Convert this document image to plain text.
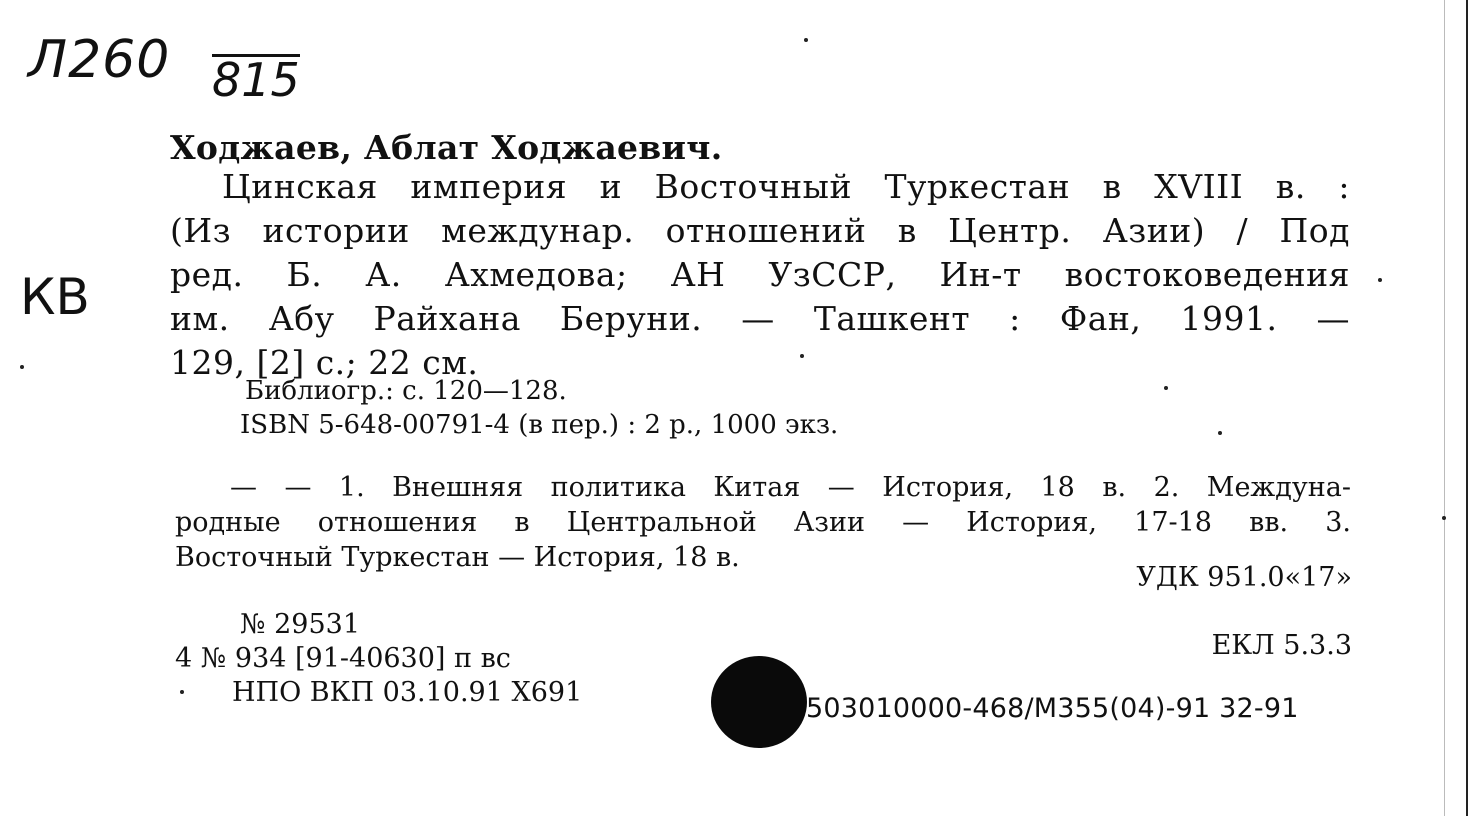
Л260 815
КВ
Ходжаев, Аблат Ходжаевич.
Цинская империя и Восточный Туркестан в XVIII в. :
(Из истории междунар. отношений в Центр. Азии) / Под
ред. Б. А. Ахмедова; АН УзССР, Ин-т востоковедения
им. Абу Райхана Беруни. — Ташкент : Фан, 1991. —
129, [2] с.; 22 см.
Библиогр.: с. 120—128.
ISBN 5-648-00791-4 (в пер.) : 2 р., 1000 экз.
— — 1. Внешняя политика Китая — История, 18 в. 2. Междуна-
родные отношения в Центральной Азии — История, 17-18 вв. 3.
Восточный Туркестан — История, 18 в.
УДК 951.0«17»
№ 29531
4 № 934 [91-40630] п вс
НПО ВКП 03.10.91 Х691
ЕКЛ 5.3.3
503010000-468/М355(04)-91 32-91
